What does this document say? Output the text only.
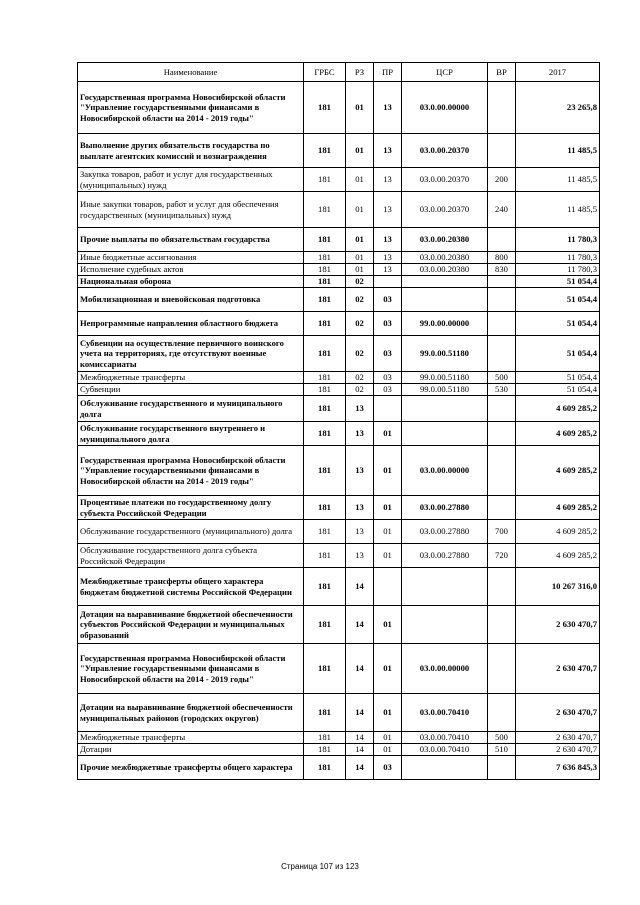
Наименование	ГРБС	РЗ	ПР	ЦСР	ВР	2017
Государственная программа Новосибирской области "Управление государственными финансами в Новосибирской области на 2014 - 2019 годы"	181	01	13	03.0.00.00000		23 265,8
Выполнение других обязательств государства по выплате агентских комиссий и вознаграждения	181	01	13	03.0.00.20370		11 485,5
Закупка товаров, работ и услуг для государственных (муниципальных) нужд	181	01	13	03.0.00.20370	200	11 485,5
Иные закупки товаров, работ и услуг для обеспечения государственных (муниципальных) нужд	181	01	13	03.0.00.20370	240	11 485,5
Прочие выплаты по обязательствам государства	181	01	13	03.0.00.20380		11 780,3
Иные бюджетные ассигнования	181	01	13	03.0.00.20380	800	11 780,3
Исполнение судебных актов	181	01	13	03.0.00.20380	830	11 780,3
Национальная оборона	181	02				51 054,4
Мобилизационная и вневойсковая подготовка	181	02	03			51 054,4
Непрограммные направления областного бюджета	181	02	03	99.0.00.00000		51 054,4
Субвенции на осуществление первичного воинского учета на территориях, где отсутствуют военные комиссариаты	181	02	03	99.0.00.51180		51 054,4
Межбюджетные трансферты	181	02	03	99.0.00.51180	500	51 054,4
Субвенции	181	02	03	99.0.00.51180	530	51 054,4
Обслуживание государственного и муниципального долга	181	13				4 609 285,2
Обслуживание государственного внутреннего и муниципального долга	181	13	01			4 609 285,2
Государственная программа Новосибирской области "Управление государственными финансами в Новосибирской области на 2014 - 2019 годы"	181	13	01	03.0.00.00000		4 609 285,2
Процентные платежи по государственному долгу субъекта Российской Федерации	181	13	01	03.0.00.27880		4 609 285,2
Обслуживание государственного (муниципального) долга	181	13	01	03.0.00.27880	700	4 609 285,2
Обслуживание государственного долга субъекта Российской Федерации	181	13	01	03.0.00.27880	720	4 609 285,2
Межбюджетные трансферты общего характера бюджетам бюджетной системы Российской Федерации	181	14				10 267 316,0
Дотации на выравнивание бюджетной обеспеченности субъектов Российской Федерации и муниципальных образований	181	14	01			2 630 470,7
Государственная программа Новосибирской области "Управление государственными финансами в Новосибирской области на 2014 - 2019 годы"	181	14	01	03.0.00.00000		2 630 470,7
Дотации на выравнивание бюджетной обеспеченности муниципальных районов (городских округов)	181	14	01	03.0.00.70410		2 630 470,7
Межбюджетные трансферты	181	14	01	03.0.00.70410	500	2 630 470,7
Дотации	181	14	01	03.0.00.70410	510	2 630 470,7
Прочие межбюджетные трансферты общего характера	181	14	03			7 636 845,3
Страница 107 из 123
